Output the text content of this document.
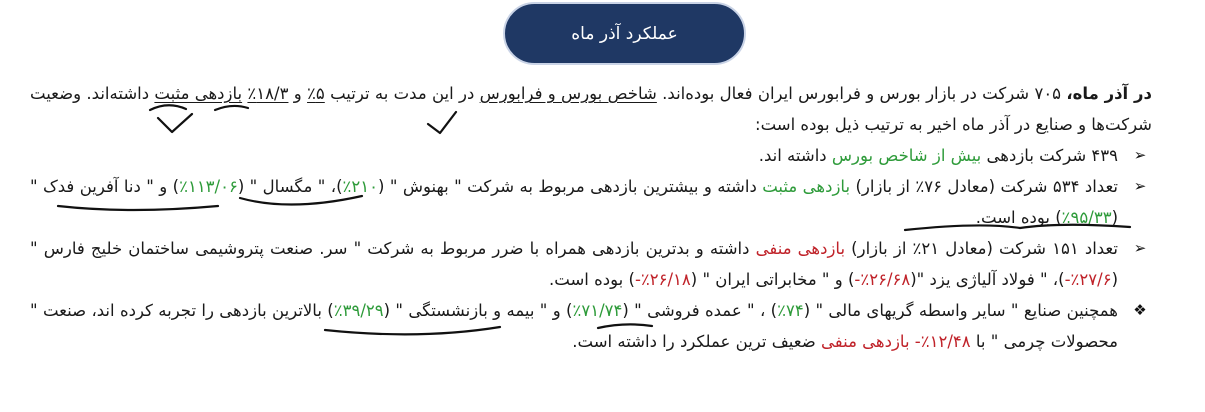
عملکرد آذر ماه

در آذر ماه، ۷۰۵ شرکت در بازار بورس و فرابورس ایران فعال بوده‌اند. شاخص بورس و فرابورس در این مدت به ترتیب ۵٪ و ۱۸/۳٪ بازدهی مثبت داشته‌اند. وضعیت شرکت‌ها و صنایع در آذر ماه اخیر به ترتیب ذیل بوده است:

➢
۴۳۹ شرکت بازدهی بیش از شاخص بورس داشته اند.
➢
تعداد ۵۳۴ شرکت (معادل ۷۶٪ از بازار) بازدهی مثبت داشته و بیشترین بازدهی مربوط به شرکت " بهنوش " (۲۱۰٪)، " مگسال " (۱۱۳/۰۶٪) و " دنا آفرین فدک " (۹۵/۳۳٪) بوده است.
➢
تعداد ۱۵۱ شرکت (معادل ۲۱٪ از بازار) بازدهی منفی داشته و بدترین بازدهی همراه با ضرر مربوط به شرکت " سر. صنعت پتروشیمی ساختمان خلیج فارس " (۲۷/۶٪-)، " فولاد آلیاژی یزد "(۲۶/۶۸٪-) و " مخابراتی ایران " (۲۶/۱۸٪-) بوده است.
❖
همچنین صنایع " سایر واسطه گریهای مالی " (۷۴٪) ، " عمده فروشی " (۷۱/۷۴٪) و " بیمه و بازنشستگی " (۳۹/۲۹٪) بالاترین بازدهی را تجربه کرده اند، صنعت " محصولات چرمی " با ۱۲/۴۸٪- بازدهی منفی ضعیف ترین عملکرد را داشته است.
